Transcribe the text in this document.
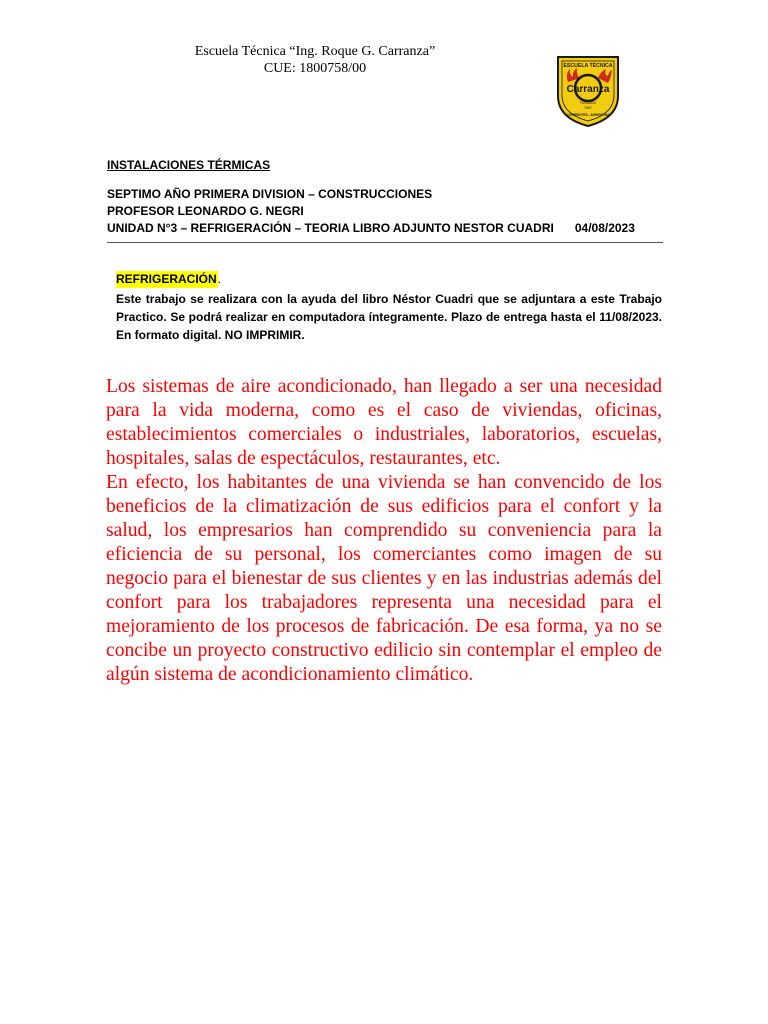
Escuela Técnica “Ing. Roque G. Carranza”
CUE: 1800758/00	ESCUELA TÉCNICA
Carranza
FUNDADA
1967
CORRIENTES - ARGENTINA
INSTALACIONES TÉRMICAS
SEPTIMO AÑO PRIMERA DIVISION – CONSTRUCCIONES
PROFESOR LEONARDO G. NEGRI
UNIDAD N°3 – REFRIGERACIÓN – TEORIA LIBRO ADJUNTO NESTOR CUADRI 04/08/2023
REFRIGERACIÓN.
Este trabajo se realizara con la ayuda del libro Néstor Cuadri que se adjuntara a este Trabajo Practico. Se podrá realizar en computadora íntegramente. Plazo de entrega hasta el 11/08/2023. En formato digital. NO IMPRIMIR.

Los sistemas de aire acondicionado, han llegado a ser una necesidad para la vida moderna, como es el caso de viviendas, oficinas, establecimientos comerciales o industriales, laboratorios, escuelas, hospitales, salas de espectáculos, restaurantes, etc.

En efecto, los habitantes de una vivienda se han convencido de los beneficios de la climatización de sus edificios para el confort y la salud, los empresarios han comprendido su conveniencia para la eficiencia de su personal, los comerciantes como imagen de su negocio para el bienestar de sus clientes y en las industrias además del confort para los trabajadores representa una necesidad para el mejoramiento de los procesos de fabricación. De esa forma, ya no se concibe un proyecto constructivo edilicio sin contemplar el empleo de algún sistema de acondicionamiento climático.
